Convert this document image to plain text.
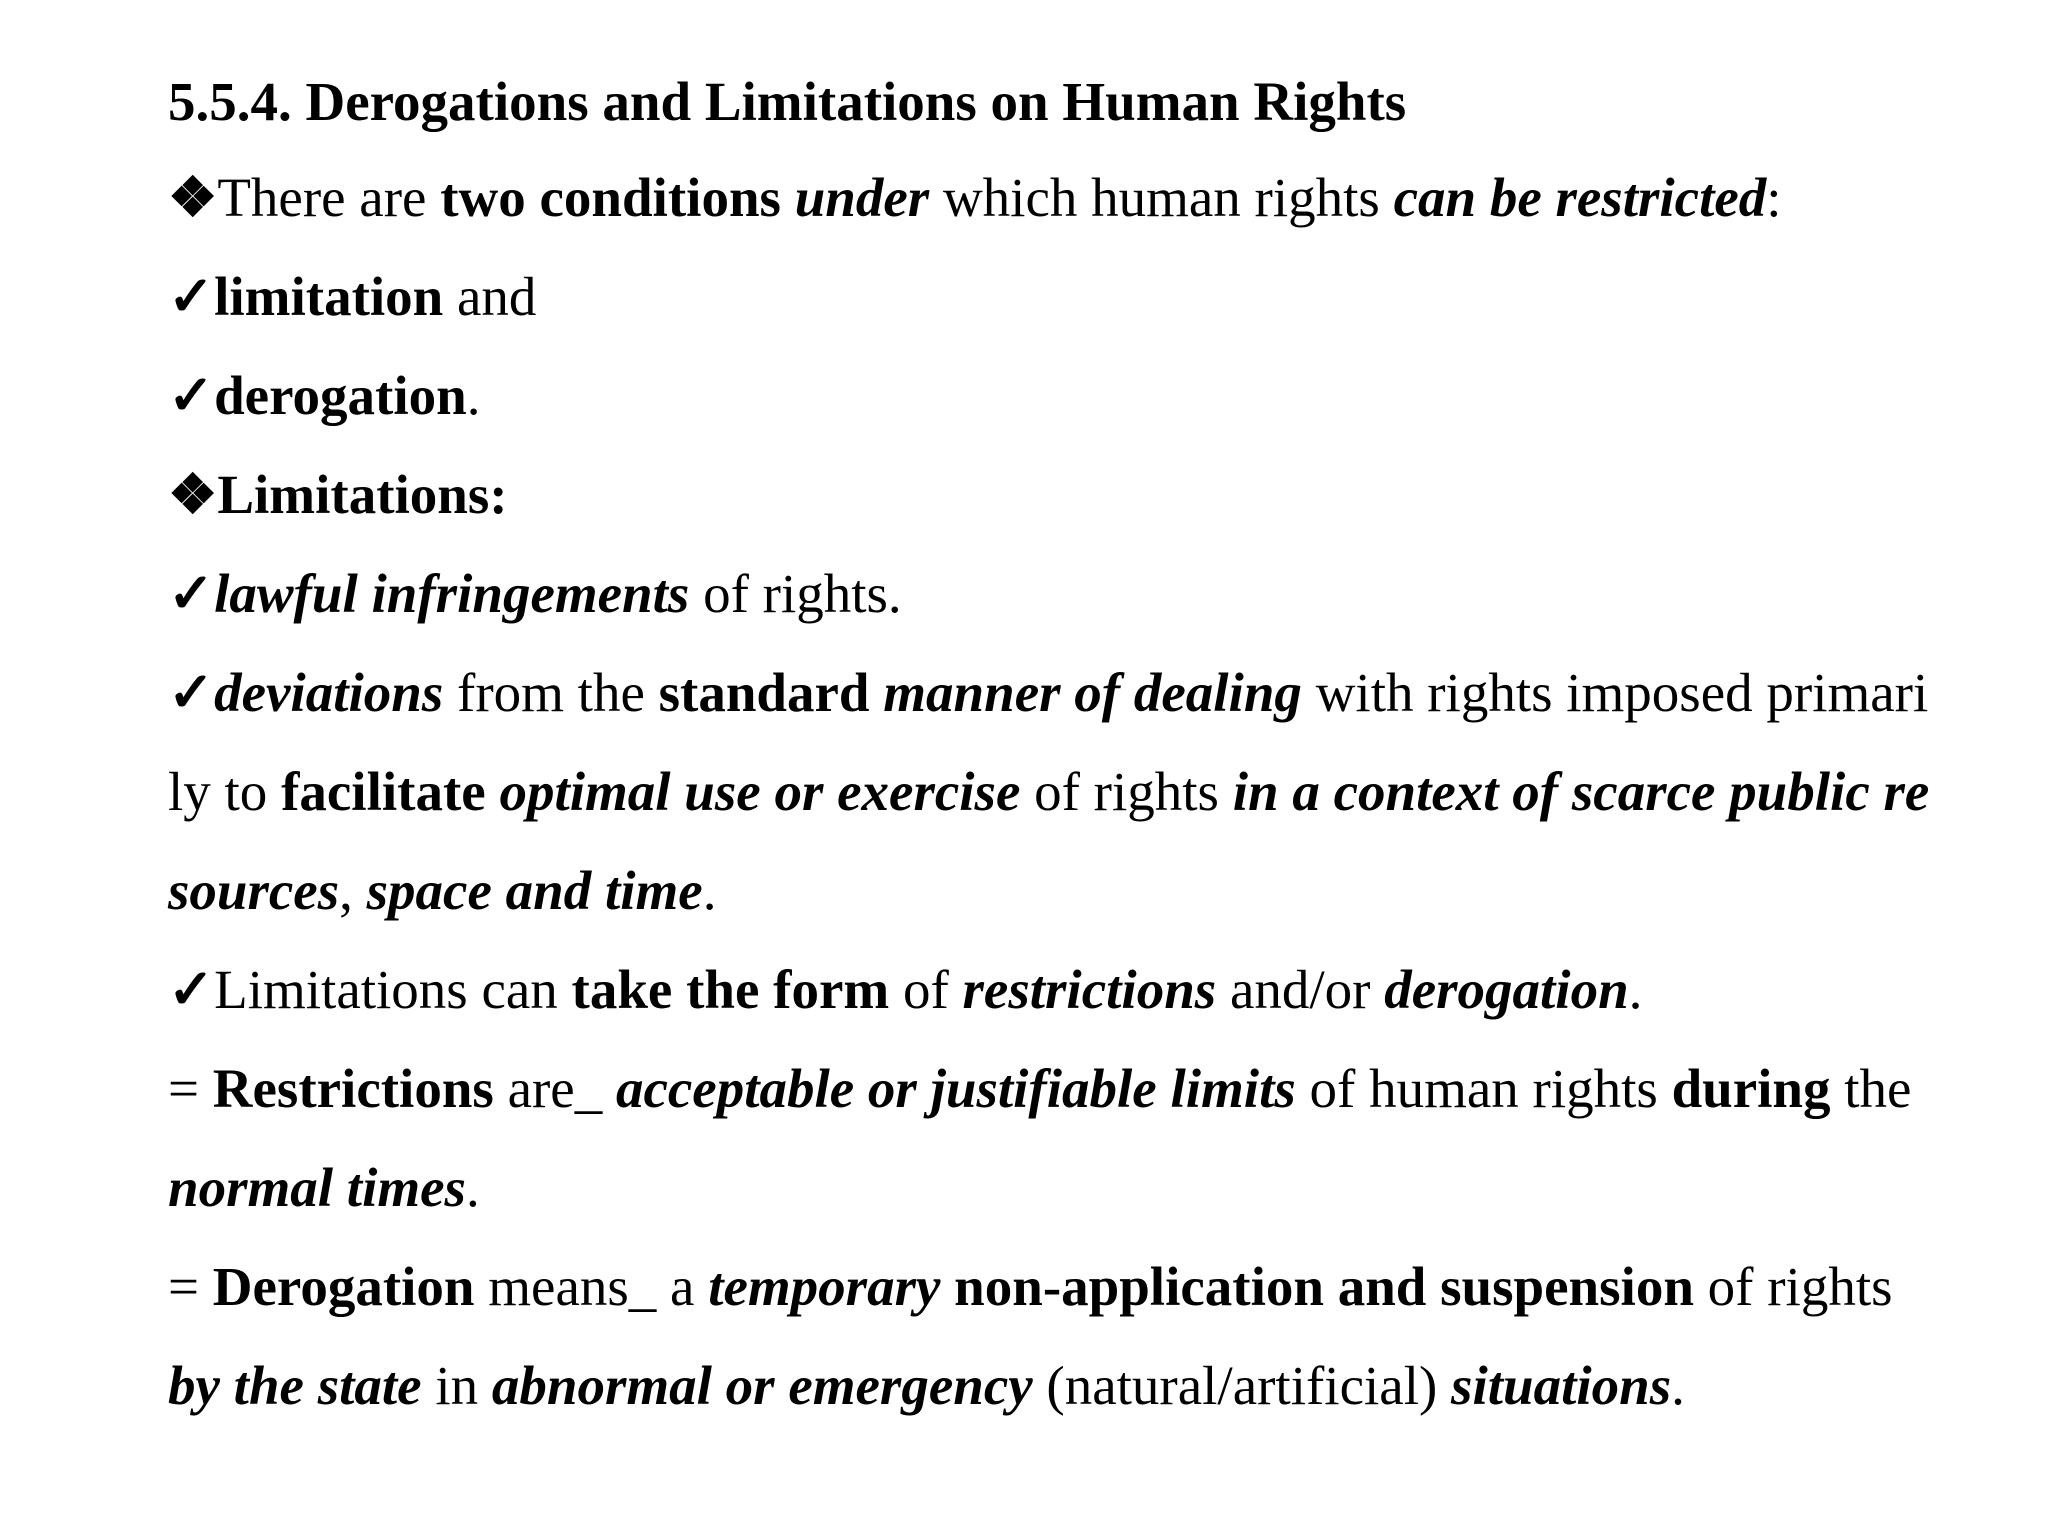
5.5.4. Derogations and Limitations on Human Rights
❖There are two conditions under which human rights can be restricted:
✓limitation and
✓derogation.
❖Limitations:
✓lawful infringements of rights.
✓deviations from the standard manner of dealing with rights imposed primari
ly to facilitate optimal use or exercise of rights in a context of scarce public re
sources, space and time.
✓Limitations can take the form of restrictions and/or derogation.
= Restrictions are_ acceptable or justifiable limits of human rights during the
normal times.
= Derogation means_ a temporary non-application and suspension of rights
by the state in abnormal or emergency (natural/artificial) situations.
